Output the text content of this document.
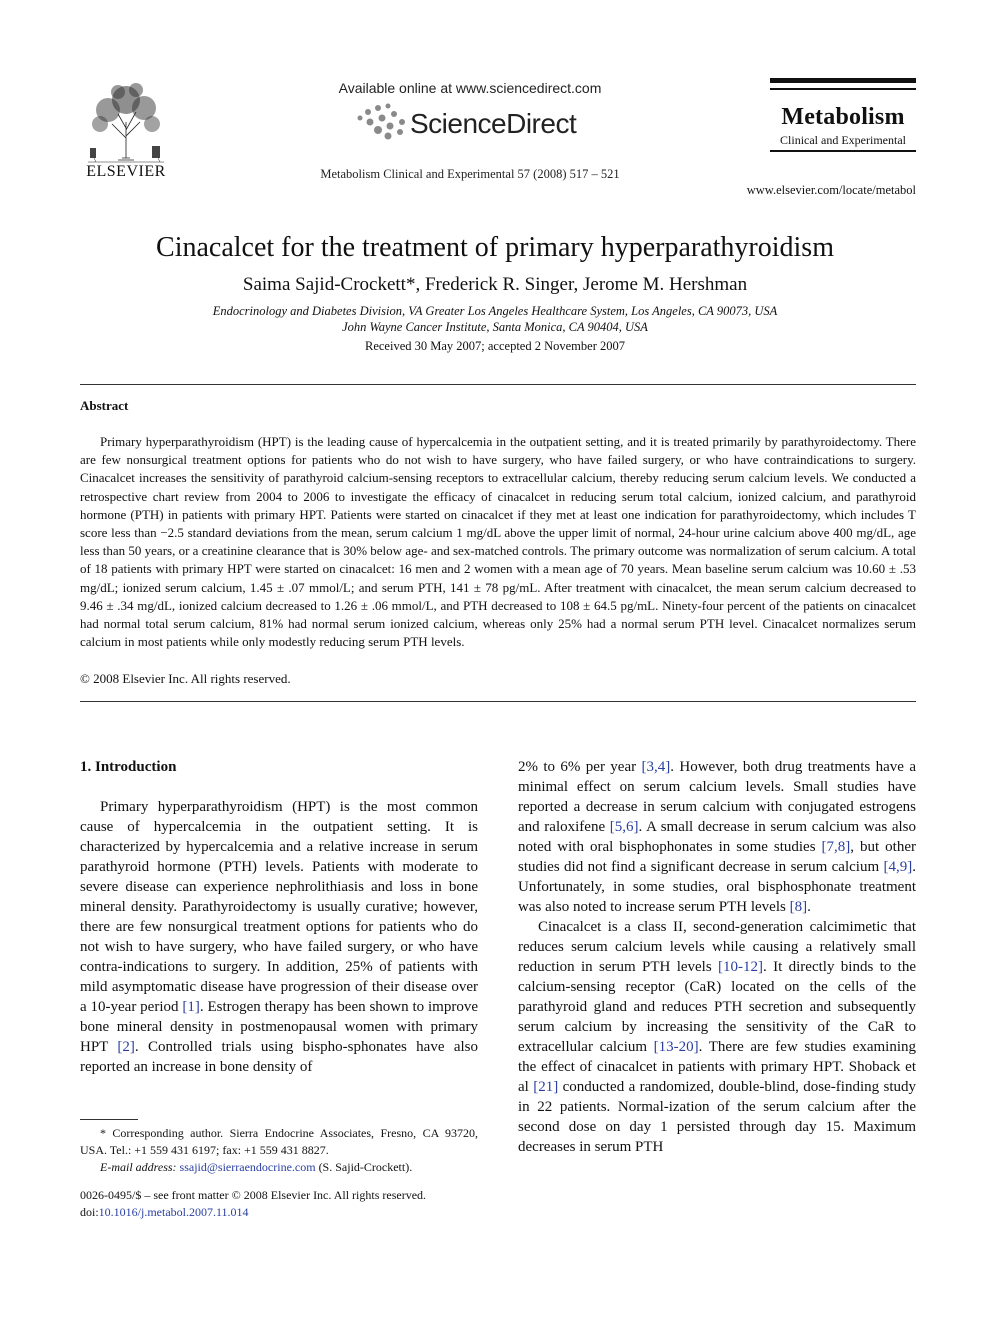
ELSEVIER
Available online at www.sciencedirect.com
ScienceDirect
Metabolism Clinical and Experimental 57 (2008) 517 – 521
Metabolism
Clinical and Experimental
www.elsevier.com/locate/metabol
Cinacalcet for the treatment of primary hyperparathyroidism
Saima Sajid-Crockett*, Frederick R. Singer, Jerome M. Hershman
Endocrinology and Diabetes Division, VA Greater Los Angeles Healthcare System, Los Angeles, CA 90073, USA
John Wayne Cancer Institute, Santa Monica, CA 90404, USA
Received 30 May 2007; accepted 2 November 2007
Abstract
Primary hyperparathyroidism (HPT) is the leading cause of hypercalcemia in the outpatient setting, and it is treated primarily by parathyroidectomy. There are few nonsurgical treatment options for patients who do not wish to have surgery, who have failed surgery, or who have contraindications to surgery. Cinacalcet increases the sensitivity of parathyroid calcium-sensing receptors to extracellular calcium, thereby reducing serum calcium levels. We conducted a retrospective chart review from 2004 to 2006 to investigate the efficacy of cinacalcet in reducing serum total calcium, ionized calcium, and parathyroid hormone (PTH) in patients with primary HPT. Patients were started on cinacalcet if they met at least one indication for parathyroidectomy, which includes T score less than −2.5 standard deviations from the mean, serum calcium 1 mg/dL above the upper limit of normal, 24-hour urine calcium above 400 mg/dL, age less than 50 years, or a creatinine clearance that is 30% below age- and sex-matched controls. The primary outcome was normalization of serum calcium. A total of 18 patients with primary HPT were started on cinacalcet: 16 men and 2 women with a mean age of 70 years. Mean baseline serum calcium was 10.60 ± .53 mg/dL; ionized serum calcium, 1.45 ± .07 mmol/L; and serum PTH, 141 ± 78 pg/mL. After treatment with cinacalcet, the mean serum calcium decreased to 9.46 ± .34 mg/dL, ionized calcium decreased to 1.26 ± .06 mmol/L, and PTH decreased to 108 ± 64.5 pg/mL. Ninety-four percent of the patients on cinacalcet had normal total serum calcium, 81% had normal serum ionized calcium, whereas only 25% had a normal serum PTH level. Cinacalcet normalizes serum calcium in most patients while only modestly reducing serum PTH levels.
© 2008 Elsevier Inc. All rights reserved.

1. Introduction

Primary hyperparathyroidism (HPT) is the most common cause of hypercalcemia in the outpatient setting. It is characterized by hypercalcemia and a relative increase in serum parathyroid hormone (PTH) levels. Patients with moderate to severe disease can experience nephrolithiasis and loss in bone mineral density. Parathyroidectomy is usually curative; however, there are few nonsurgical treatment options for patients who do not wish to have surgery, who have failed surgery, or who have contra-indications to surgery. In addition, 25% of patients with mild asymptomatic disease have progression of their disease over a 10-year period [1]. Estrogen therapy has been shown to improve bone mineral density in postmenopausal women with primary HPT [2]. Controlled trials using bispho-sphonates have also reported an increase in bone density of

2% to 6% per year [3,4]. However, both drug treatments have a minimal effect on serum calcium levels. Small studies have reported a decrease in serum calcium with conjugated estrogens and raloxifene [5,6]. A small decrease in serum calcium was also noted with oral bisphophonates in some studies [7,8], but other studies did not find a significant decrease in serum calcium [4,9]. Unfortunately, in some studies, oral bisphosphonate treatment was also noted to increase serum PTH levels [8].

Cinacalcet is a class II, second-generation calcimimetic that reduces serum calcium levels while causing a relatively small reduction in serum PTH levels [10-12]. It directly binds to the calcium-sensing receptor (CaR) located on the cells of the parathyroid gland and reduces PTH secretion and subsequently serum calcium by increasing the sensitivity of the CaR to extracellular calcium [13-20]. There are few studies examining the effect of cinacalcet in patients with primary HPT. Shoback et al [21] conducted a randomized, double-blind, dose-finding study in 22 patients. Normal-ization of the serum calcium after the second dose on day 1 persisted through day 15. Maximum decreases in serum PTH

* Corresponding author. Sierra Endocrine Associates, Fresno, CA 93720, USA. Tel.: +1 559 431 6197; fax: +1 559 431 8827.

E-mail address: ssajid@sierraendocrine.com (S. Sajid-Crockett).

0026-0495/$ – see front matter © 2008 Elsevier Inc. All rights reserved.

doi:10.1016/j.metabol.2007.11.014
